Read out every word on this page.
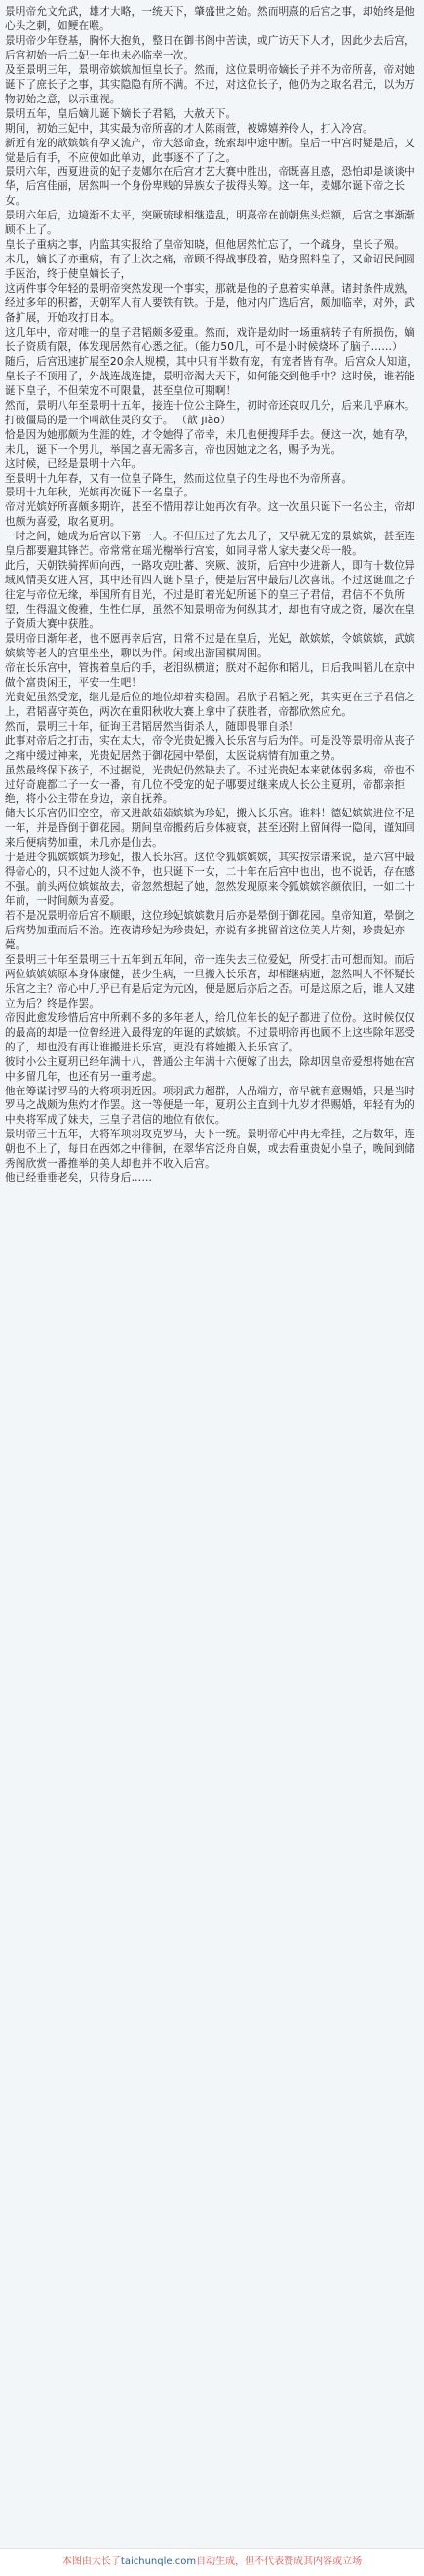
景明帝允文允武，雄才大略，一统天下，肇盛世之始。然而明熹的后宫之事，却始终是他心头之刺，如鲠在喉。

景明帝少年登基，胸怀大抱负，整日在御书阁中苦读，或广访天下人才，因此少去后宫，后宫初始一后二妃一年也未必临幸一次。

及至景明三年，景明帝嫔嫔加恒皇长子。然而，这位景明帝嫡长子并不为帝所喜，帝对她诞下了庶长子之事，其实隐隐有所不满。不过，对这位长子，他仍为之取名君元，以为万物初始之意，以示重视。

景明五年，皇后嫡儿诞下嫡长子君韬，大赦天下。

期间，初始三妃中，其实最为帝所喜的才人陈雨萱，被嫦嬉养伶人，打入冷宫。

新近有宠的歆嫔嫔有孕又流产，帝大怒命查，统索却中途中断。皇后一中宫时疑是后，又觉是后有手，不应使如此单劝，此事逐不了了之。

景明六年，西夏进贡的妃子麦娜尔在后宫才艺大赛中胜出，帝既喜且惑，恐怕却是谈谈中华，后宫佳丽，居然叫一个身份卑贱的异族女子拔得头筹。这一年，麦娜尔诞下帝之长女。

景明六年后，边境渐不太平，突厥琉球相继造乱，明熹帝在前朝焦头烂额，后宫之事渐渐顾不上了。

皇长子重病之事，内监其实报给了皇帝知晓，但他居然忙忘了，一个疏身，皇长子殒。

未几，嫡长子亦重病，有了上次之痛，帝顾不得战事殷着，贴身照料皇子，又命诏民间圆手医治，终于使皇嫡长子，

这两件事令年轻的景明帝突然发现一个事实，那就是他的子息着实单薄。诸封条件成熟，经过多年的积蓄，天朝军人有人要铁有铁。于是，他对内广选后宫，颇加临幸，对外，武备扩展，开始攻打日本。

这几年中，帝对唯一的皇子君韬颇多爱重。然而，戏许是幼时一场重病转子有所损伤，嫡长子资质有限，体发现居然有心悉之征。（能力50几，可不是小时候烧坏了脑子……）

随后，后宫迅速扩展至20余人规模，其中只有半数有宠，有宠者皆有孕。后宫众人知道，皇长子不顶用了，外战连战连捷，景明帝渴大天下，如何能交到他手中？这时候，谁若能诞下皇子，不但荣宠不可限量，甚至皇位可期啊！

然而，景明八年至景明十五年，接连十位公主降生，初时帝还哀叹几分，后来几乎麻木。

打破僵局的是一个叫歆佳灵的女子。 （歆 jiào）

恰是因为她那颇为生涯的姓，才令她得了帝幸，未几也便搜拜手去。便这一次，她有孕，未几，诞下一个男儿，举国之喜无需多言，帝也因她龙之名，赐予为光。

这时候，已经是景明十六年。

至景明十九年春，又有一位皇子降生，然而这位皇子的生母也不为帝所喜。

景明十九年秋，光嫔再次诞下一名皇子。

帝对光嫔妤所喜颇多期许，甚至不惜用荐让她再次有孕。这一次虽只诞下一名公主，帝却也颇为喜爱，取名夏玥。

一时之间，她成为后宫以下第一人。不但压过了先去几子，又早就无宠的景嫔嫔，甚至连皇后都要避其锋芒。帝常常在瑶光榭举行宫宴，如同寻常人家夫妻父母一般。

此后，天朝铁骑挥师向西，一路攻克吐蕃、突厥、波斯，后宫中少进新人，即有十数位异域风情美女进入宫，其中还有四人诞下皇子，使是后宫中最后几次喜讯。不过这诞血之子往定与帝位无缘，举国所有目光，不过是盯着光妃所诞下的皇三子君信，君信不不负所望，生得温文俊雅，生性仁厚，虽然不知景明帝为何纵其才，却也有守成之资，屡次在皇子资质大赛中获胜。

景明帝日渐年老，也不愿再幸后宫，日常不过是在皇后，光妃，歆嫔嫔，令嫔嫔嫔，武嫔嫔嫔等老人的宫里坐坐，聊以为伴。闲或出游国棋周围。

帝在长乐宫中，管携着皇后的手，老泪纵横道；朕对不起你和韬儿，日后我叫韬儿在京中做个富贵闲王，平安一生吧！

光贵妃虽然受宠，继儿是后位的地位却着实稳固。君欣子君韬之死，其实更在三子君信之上，君韬喜守英色，两次在重阳秋收大赛上拿中了获胜者，帝都欣然应允。

然而，景明三十年，征询王君韬居然当街杀人，随即畏罪自杀！

此事对帝后之打击，实在太大，帝令光贵妃搬入长乐宫与后为伴。可是没等景明帝从丧子之痛中缓过神来，光贵妃居然于御花园中晕倒，太医说病情有加重之势。

虽然最终保下孩子，不过据说，光贵妃仍然缺去了。不过光贵妃本来就体弱多病，帝也不过好奇鹿都二子一女一番，有几位不受宠的妃子哪要过继来成人长公主夏玥，帝都亲拒绝，将小公主带在身边，亲自抚养。

储大长乐宫仍旧空空，帝又进歆茹茹嫔嫔为珍妃，搬入长乐宫。谁料！德妃嫔嫔进位不足一年，并是昏倒于御花园。期间皇帝搬药后身体疲衰，甚至还附上留间得一隐间，谨知回来后便病势加重，未几亦是仙去。

于是进令狐嫔嫔嫔为珍妃，搬入长乐宫。这位令狐嫔嫔嫔，其实按宗谱来说，是六宫中最得帝心的，只不过她人淡不争，也只诞下一女，二十年在后宫中也出，也不说话，存在感不强。前头两位嫔嫔故去，帝忽然想起了她，忽然发现原来令狐嫔嫔容颜依旧，一如二十年前，一时间颇为喜爱。

若不是况景明帝后宫不顺眼，这位珍妃嫔嫔数月后亦是晕倒于御花园。皇帝知道，晕倒之后病势加重而后不治。连夜请珍妃为珍贵妃，亦说有多挑留首这位美人片刻，珍贵妃亦薨。

至景明三十年至景明三十五年到五年间，帝一连失去三位爱妃，所受打击可想而知。而后两位嫔嫔嫔原本身体康健，甚少生病，一旦搬入长乐宫，却相继病逝，忽然叫人不怀疑长乐宫之主？帝心中几乎已有是后定为元凶，便是愿后亦后之否。可是这原之后，谁人又建立为后？终是作罢。

帝因此愈发珍惜后宫中所剩不多的多年老人，给几位年长的妃子都进了位份。这时候仅仅的最高的却是一位曾经进入最得宠的年诞的武嫔嫔。不过景明帝再也顾不上这些除年恶受的了，却也没有再让谁搬进长乐宫，更没有将她搬入长乐宫了。

彼时小公主夏玥已经年满十八，普通公主年满十六便嫁了出去，除却因皇帝爱想将她在宫中多留几年，也还有另一重考虑。

他在筹谋讨罗马的大将项羽近因。项羽武力超群，人品端方，帝早就有意赐婚，只是当时罗马之战颇为焦灼才作罢。这一等便是一年，夏玥公主直到十九岁才得赐婚，年轻有为的中央将军成了妹夫，三皇子君信的地位有依仗。

景明帝三十五年，大将军项羽攻克罗马，天下一统。景明帝心中再无牵挂，之后数年，连朝也不上了，每日在西郊之中徘徊，在翠华宫泛舟自娱，或去看重贵妃小皇子，晚间到储秀阁欣赏一番推举的美人却也并不收入后宫。

他已经垂垂老矣，只待身后……

本图由大长了taichunqle.com自动生成，但不代表赞成其内容或立场
